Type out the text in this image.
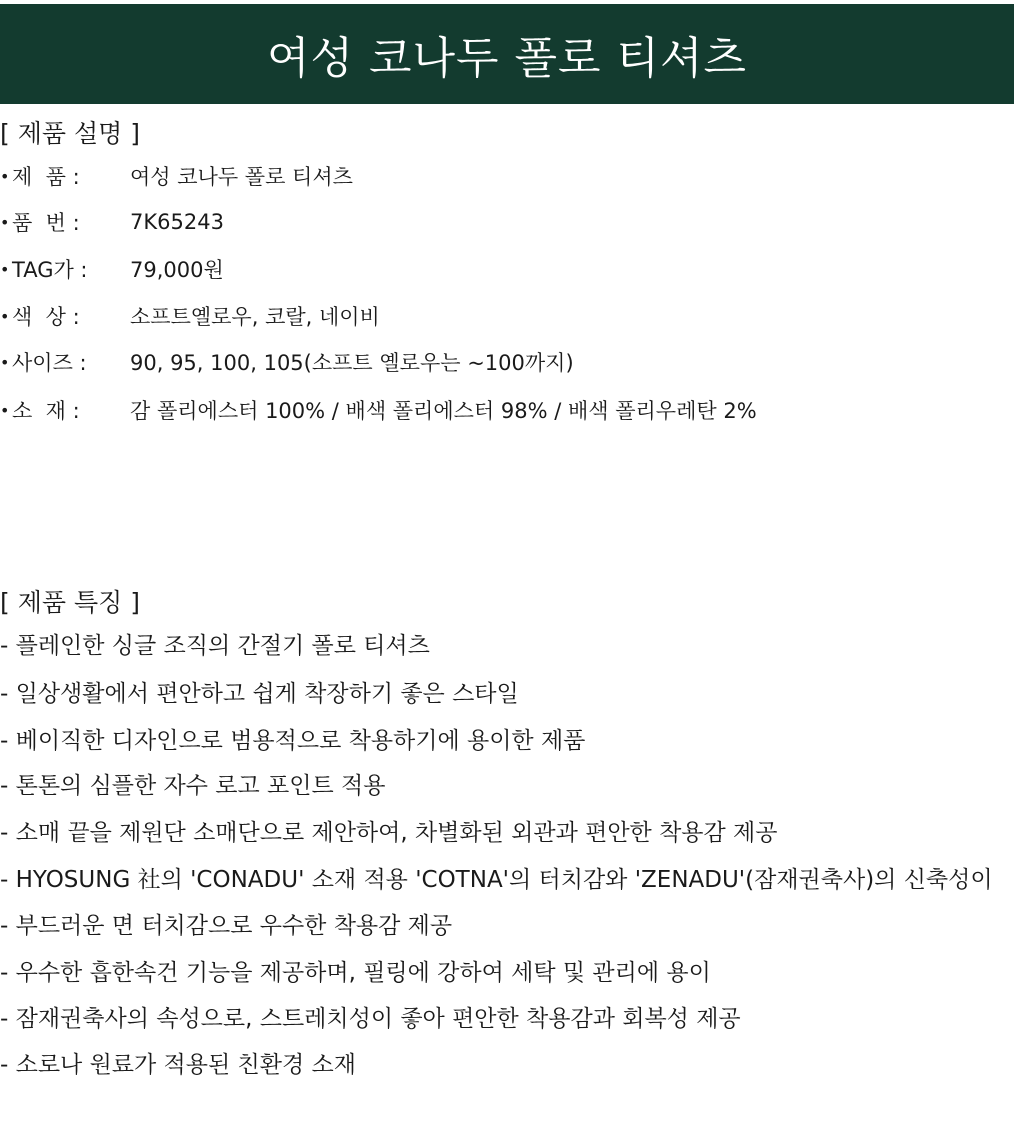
여성 코나두 폴로 티셔츠
[ 제품 설명 ]
• 제  품 :	여성 코나두 폴로 티셔츠
• 품  번 :	7K65243
• TAG가 :	79,000원
• 색  상 :	소프트옐로우, 코랄, 네이비
• 사이즈 :	90, 95, 100, 105(소프트 옐로우는 ~100까지)
• 소  재 :	감 폴리에스터 100% / 배색 폴리에스터 98% / 배색 폴리우레탄 2%
[ 제품 특징 ]
- 플레인한 싱글 조직의 간절기 폴로 티셔츠
- 일상생활에서 편안하고 쉽게 착장하기 좋은 스타일
- 베이직한 디자인으로 범용적으로 착용하기에 용이한 제품
- 톤톤의 심플한 자수 로고 포인트 적용
- 소매 끝을 제원단 소매단으로 제안하여, 차별화된 외관과 편안한 착용감 제공
- HYOSUNG 社의 'CONADU' 소재 적용 'COTNA'의 터치감와 'ZENADU'(잠재권축사)의 신축성이
- 부드러운 면 터치감으로 우수한 착용감 제공
- 우수한 흡한속건 기능을 제공하며, 필링에 강하여 세탁 및 관리에 용이
- 잠재권축사의 속성으로, 스트레치성이 좋아 편안한 착용감과 회복성 제공
- 소로나 원료가 적용된 친환경 소재
